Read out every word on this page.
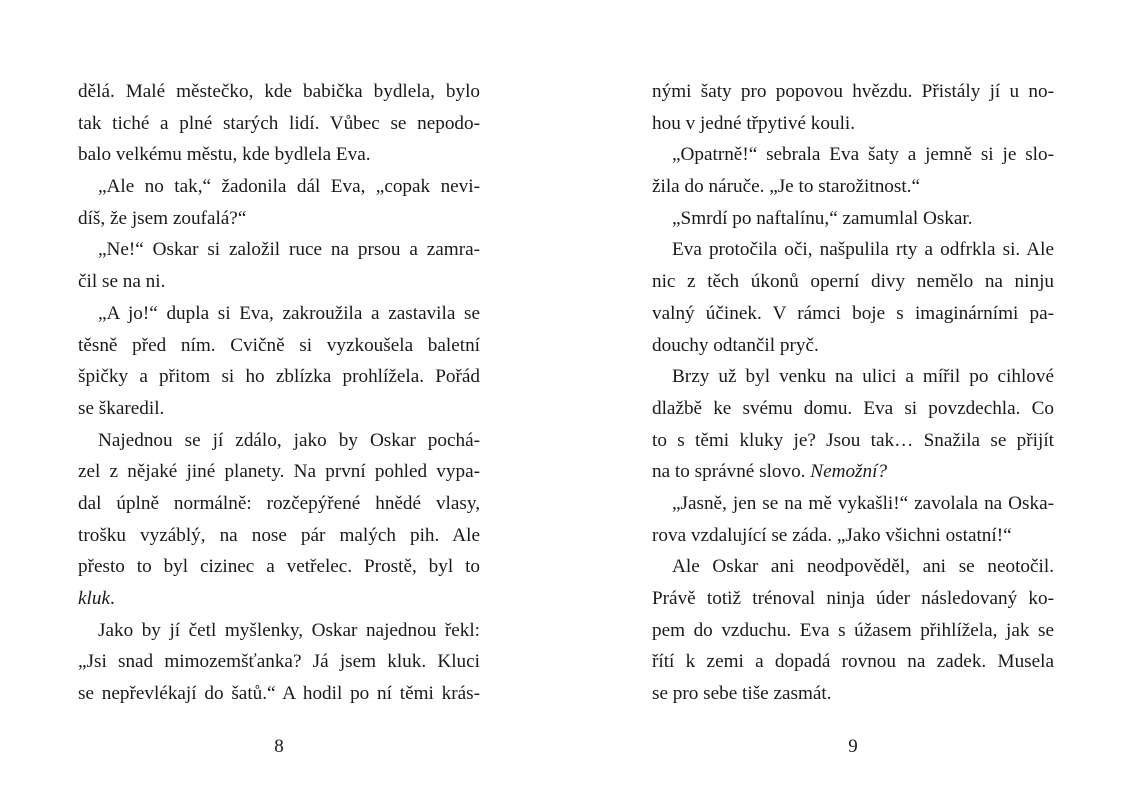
dělá. Malé městečko, kde babička bydlela, bylo
tak tiché a plné starých lidí. Vůbec se nepodo-
balo velkému městu, kde bydlela Eva.
„Ale no tak,“ žadonila dál Eva, „copak nevi-
díš, že jsem zoufalá?“
„Ne!“ Oskar si založil ruce na prsou a zamra-
čil se na ni.
„A jo!“ dupla si Eva, zakroužila a zastavila se
těsně před ním. Cvičně si vyzkoušela baletní
špičky a přitom si ho zblízka prohlížela. Pořád
se škaredil.
Najednou se jí zdálo, jako by Oskar pochá-
zel z nějaké jiné planety. Na první pohled vypa-
dal úplně normálně: rozčepýřené hnědé vlasy,
trošku vyzáblý, na nose pár malých pih. Ale
přesto to byl cizinec a vetřelec. Prostě, byl to
kluk.
Jako by jí četl myšlenky, Oskar najednou řekl:
„Jsi snad mimozemšťanka? Já jsem kluk. Kluci
se nepřevlékají do šatů.“ A hodil po ní těmi krás-
nými šaty pro popovou hvězdu. Přistály jí u no-
hou v jedné třpytivé kouli.
„Opatrně!“ sebrala Eva šaty a jemně si je slo-
žila do náruče. „Je to starožitnost.“
„Smrdí po naftalínu,“ zamumlal Oskar.
Eva protočila oči, našpulila rty a odfrkla si. Ale
nic z těch úkonů operní divy nemělo na ninju
valný účinek. V rámci boje s imaginárními pa-
douchy odtančil pryč.
Brzy už byl venku na ulici a mířil po cihlové
dlažbě ke svému domu. Eva si povzdechla. Co
to s těmi kluky je? Jsou tak… Snažila se přijít
na to správné slovo. Nemožní?
„Jasně, jen se na mě vykašli!“ zavolala na Oska-
rova vzdalující se záda. „Jako všichni ostatní!“
Ale Oskar ani neodpověděl, ani se neotočil.
Právě totiž trénoval ninja úder následovaný ko-
pem do vzduchu. Eva s úžasem přihlížela, jak se
řítí k zemi a dopadá rovnou na zadek. Musela
se pro sebe tiše zasmát.
8	9
